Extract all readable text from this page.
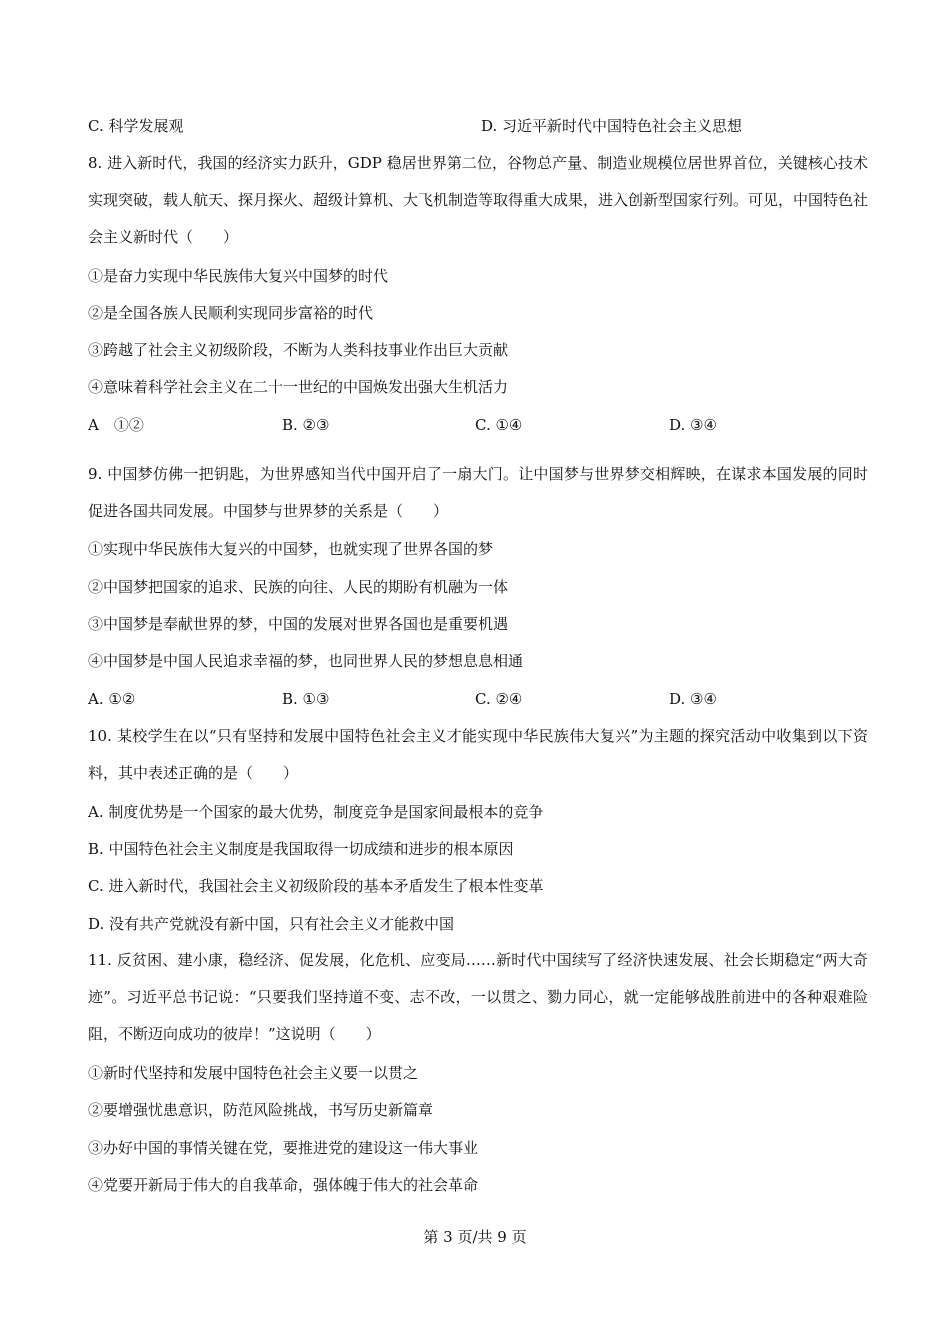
C. 科学发展观	D. 习近平新时代中国特色社会主义思想
8. 进入新时代，我国的经济实力跃升，GDP 稳居世界第二位，谷物总产量、制造业规模位居世界首位，关键核心技术实现突破，载人航天、探月探火、超级计算机、大飞机制造等取得重大成果，进入创新型国家行列。可见，中国特色社会主义新时代（　　）
①是奋力实现中华民族伟大复兴中国梦的时代
②是全国各族人民顺利实现同步富裕的时代
③跨越了社会主义初级阶段，不断为人类科技事业作出巨大贡献
④意味着科学社会主义在二十一世纪的中国焕发出强大生机活力
A　①②	B. ②③	C. ①④	D. ③④
9. 中国梦仿佛一把钥匙，为世界感知当代中国开启了一扇大门。让中国梦与世界梦交相辉映，在谋求本国发展的同时促进各国共同发展。中国梦与世界梦的关系是（　　）
①实现中华民族伟大复兴的中国梦，也就实现了世界各国的梦
②中国梦把国家的追求、民族的向往、人民的期盼有机融为一体
③中国梦是奉献世界的梦，中国的发展对世界各国也是重要机遇
④中国梦是中国人民追求幸福的梦，也同世界人民的梦想息息相通
A. ①②	B. ①③	C. ②④	D. ③④
10. 某校学生在以“只有坚持和发展中国特色社会主义才能实现中华民族伟大复兴”为主题的探究活动中收集到以下资料，其中表述正确的是（　　）
A. 制度优势是一个国家的最大优势，制度竞争是国家间最根本的竞争
B. 中国特色社会主义制度是我国取得一切成绩和进步的根本原因
C. 进入新时代，我国社会主义初级阶段的基本矛盾发生了根本性变革
D. 没有共产党就没有新中国，只有社会主义才能救中国
11. 反贫困、建小康，稳经济、促发展，化危机、应变局……新时代中国续写了经济快速发展、社会长期稳定“两大奇迹”。习近平总书记说：“只要我们坚持道不变、志不改，一以贯之、勠力同心，就一定能够战胜前进中的各种艰难险阻，不断迈向成功的彼岸！”这说明（　　）
①新时代坚持和发展中国特色社会主义要一以贯之
②要增强忧患意识，防范风险挑战，书写历史新篇章
③办好中国的事情关键在党，要推进党的建设这一伟大事业
④党要开新局于伟大的自我革命，强体魄于伟大的社会革命
第 3 页/共 9 页
